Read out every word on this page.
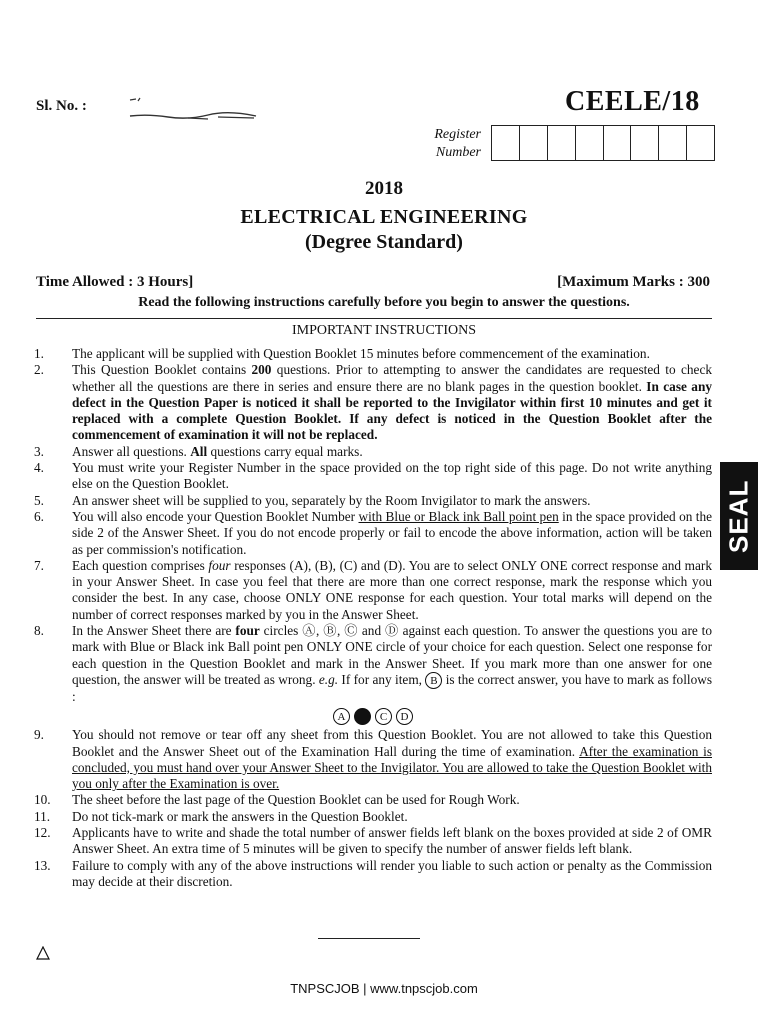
Sl. No. :	CEELE/18
Register
Number
2018
ELECTRICAL ENGINEERING
(Degree Standard)
Time Allowed : 3 Hours]	[Maximum Marks : 300
Read the following instructions carefully before you begin to answer the questions.
IMPORTANT INSTRUCTIONS
1.	The applicant will be supplied with Question Booklet 15 minutes before commencement of the examination.
2.	This Question Booklet contains 200 questions. Prior to attempting to answer the candidates are requested to check whether all the questions are there in series and ensure there are no blank pages in the question booklet. In case any defect in the Question Paper is noticed it shall be reported to the Invigilator within first 10 minutes and get it replaced with a complete Question Booklet. If any defect is noticed in the Question Booklet after the commencement of examination it will not be replaced.
3.	Answer all questions. All questions carry equal marks.
4.	You must write your Register Number in the space provided on the top right side of this page. Do not write anything else on the Question Booklet.
5.	An answer sheet will be supplied to you, separately by the Room Invigilator to mark the answers.
6.	You will also encode your Question Booklet Number with Blue or Black ink Ball point pen in the space provided on the side 2 of the Answer Sheet. If you do not encode properly or fail to encode the above information, action will be taken as per commission's notification.
7.	Each question comprises four responses (A), (B), (C) and (D). You are to select ONLY ONE correct response and mark in your Answer Sheet. In case you feel that there are more than one correct response, mark the response which you consider the best. In any case, choose ONLY ONE response for each question. Your total marks will depend on the number of correct responses marked by you in the Answer Sheet.
8.	In the Answer Sheet there are four circles Ⓐ, Ⓑ, Ⓒ and Ⓓ against each question. To answer the questions you are to mark with Blue or Black ink Ball point pen ONLY ONE circle of your choice for each question. Select one response for each question in the Question Booklet and mark in the Answer Sheet. If you mark more than one answer for one question, the answer will be treated as wrong. e.g. If for any item, B is the correct answer, you have to mark as follows :
A	C	D
9.	You should not remove or tear off any sheet from this Question Booklet. You are not allowed to take this Question Booklet and the Answer Sheet out of the Examination Hall during the time of examination. After the examination is concluded, you must hand over your Answer Sheet to the Invigilator. You are allowed to take the Question Booklet with you only after the Examination is over.
10.	The sheet before the last page of the Question Booklet can be used for Rough Work.
11.	Do not tick-mark or mark the answers in the Question Booklet.
12.	Applicants have to write and shade the total number of answer fields left blank on the boxes provided at side 2 of OMR Answer Sheet. An extra time of 5 minutes will be given to specify the number of answer fields left blank.
13.	Failure to comply with any of the above instructions will render you liable to such action or penalty as the Commission may decide at their discretion.
SEAL
TNPSCJOB | www.tnpscjob.com
